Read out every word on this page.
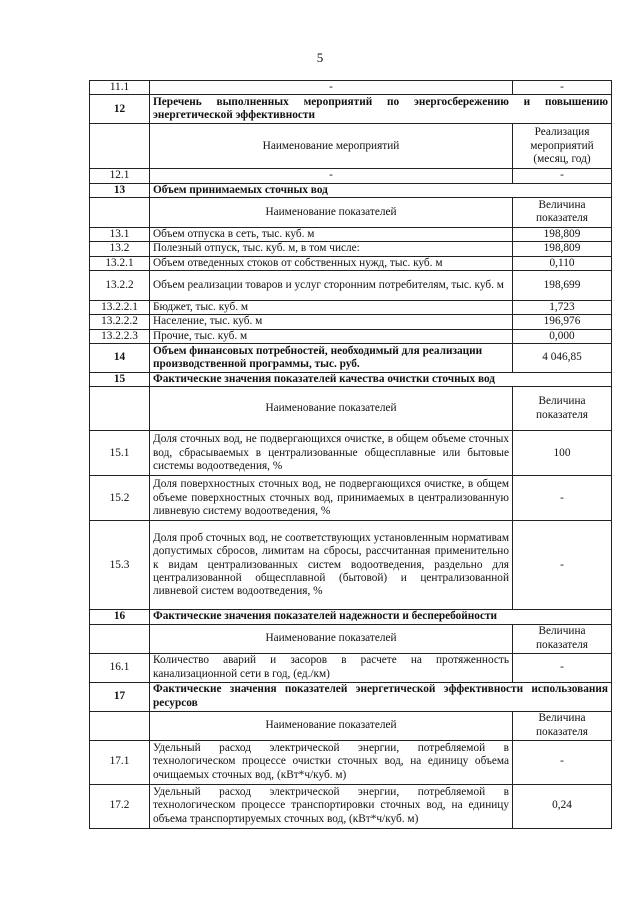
5
11.1	-	-
12	Перечень выполненных мероприятий по энергосбережению и повышению энергетической эффективности	
	Наименование мероприятий	Реализация мероприятий (месяц, год)
12.1	-	-
13	Объем принимаемых сточных вод	
	Наименование показателей	Величина показателя
13.1	Объем отпуска в сеть, тыс. куб. м	198,809
13.2	Полезный отпуск, тыс. куб. м, в том числе:	198,809
13.2.1	Объем отведенных стоков от собственных нужд, тыс. куб. м	0,110
13.2.2	Объем реализации товаров и услуг сторонним потребителям, тыс. куб. м	198,699
13.2.2.1	Бюджет, тыс. куб. м	1,723
13.2.2.2	Население, тыс. куб. м	196,976
13.2.2.3	Прочие, тыс. куб. м	0,000
14	Объем финансовых потребностей, необходимый для реализации производственной программы, тыс. руб.	4 046,85
15	Фактические значения показателей качества очистки сточных вод	
	Наименование показателей	Величина показателя
15.1	Доля сточных вод, не подвергающихся очистке, в общем объеме сточных вод, сбрасываемых в централизованные общесплавные или бытовые системы водоотведения, %	100
15.2	Доля поверхностных сточных вод, не подвергающихся очистке, в общем объеме поверхностных сточных вод, принимаемых в централизованную ливневую систему водоотведения, %	-
15.3	Доля проб сточных вод, не соответствующих установленным нормативам допустимых сбросов, лимитам на сбросы, рассчитанная применительно к видам централизованных систем водоотведения, раздельно для централизованной общесплавной (бытовой) и централизованной ливневой систем водоотведения, %	-
16	Фактические значения показателей надежности и бесперебойности	
	Наименование показателей	Величина показателя
16.1	Количество аварий и засоров в расчете на протяженность канализационной сети в год, (ед./км)	-
17	Фактические значения показателей энергетической эффективности использования ресурсов	
	Наименование показателей	Величина показателя
17.1	Удельный расход электрической энергии, потребляемой в технологическом процессе очистки сточных вод, на единицу объема очищаемых сточных вод, (кВт*ч/куб. м)	-
17.2	Удельный расход электрической энергии, потребляемой в технологическом процессе транспортировки сточных вод, на единицу объема транспортируемых сточных вод, (кВт*ч/куб. м)	0,24
